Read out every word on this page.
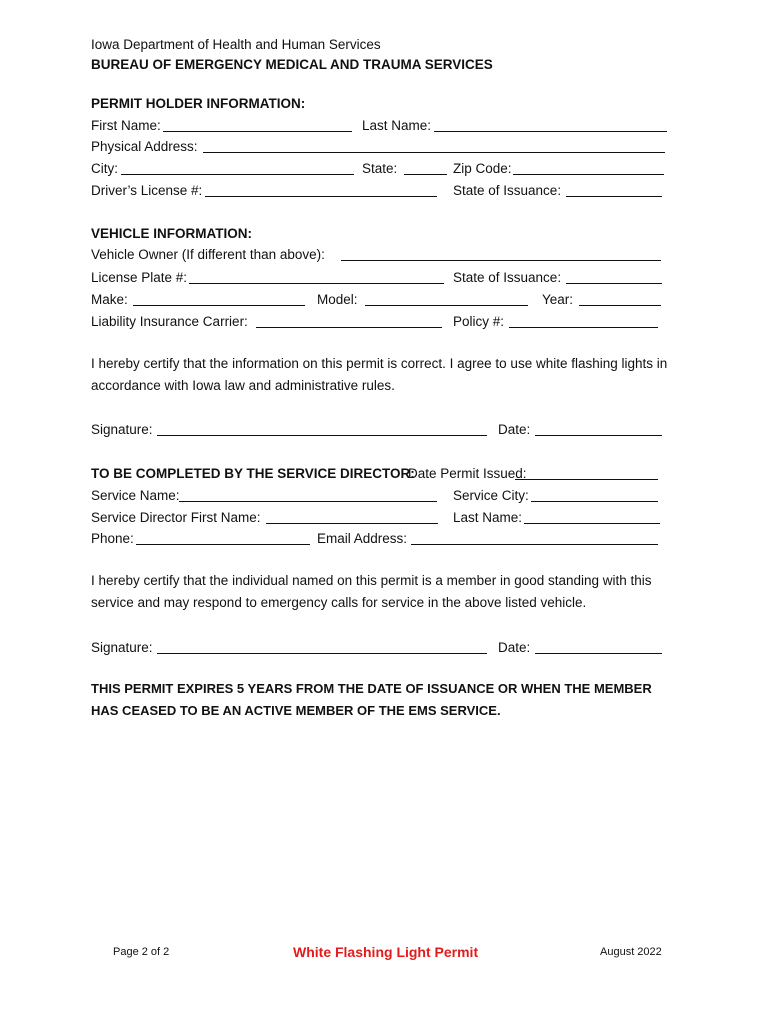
Iowa Department of Health and Human Services
BUREAU OF EMERGENCY MEDICAL AND TRAUMA SERVICES
PERMIT HOLDER INFORMATION:
First Name:	Last Name:
Physical Address:
City:	State:	Zip Code:
Driver’s License #:	State of Issuance:
VEHICLE INFORMATION:
Vehicle Owner (If different than above):
License Plate #:	State of Issuance:
Make:	Model:	Year:
Liability Insurance Carrier:	Policy #:
I hereby certify that the information on this permit is correct. I agree to use white flashing lights in accordance with Iowa law and administrative rules.
Signature:	Date:
TO BE COMPLETED BY THE SERVICE DIRECTOR:
Date Permit Issued:
Service Name:	Service City:
Service Director First Name:	Last Name:
Phone:	Email Address:
I hereby certify that the individual named on this permit is a member in good standing with this service and may respond to emergency calls for service in the above listed vehicle.
Signature:	Date:
THIS PERMIT EXPIRES 5 YEARS FROM THE DATE OF ISSUANCE OR WHEN THE MEMBER HAS CEASED TO BE AN ACTIVE MEMBER OF THE EMS SERVICE.
Page 2 of 2	White Flashing Light Permit	August 2022
